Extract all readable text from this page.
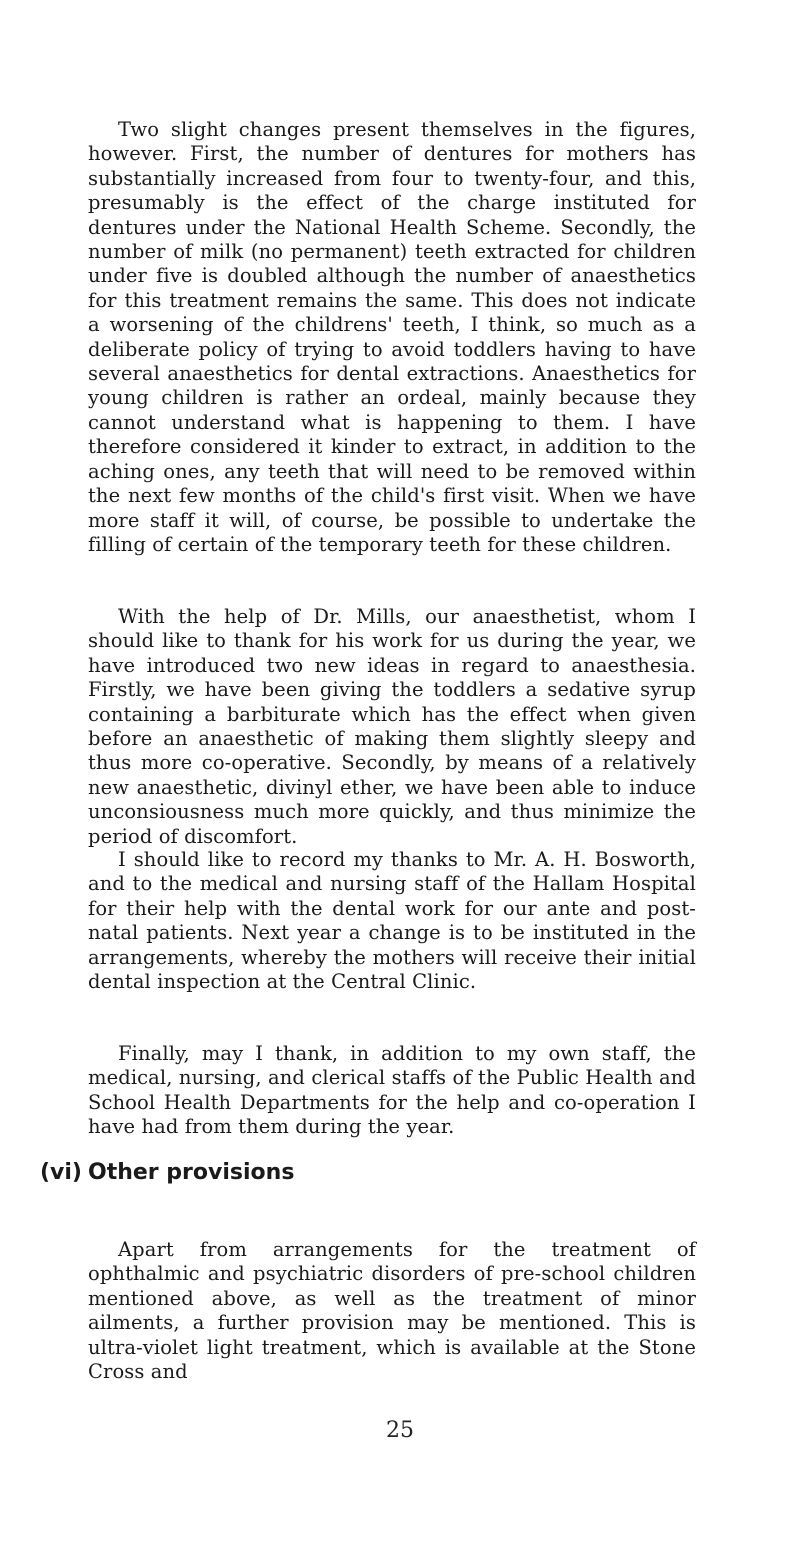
Two slight changes present themselves in the figures, however. First, the number of dentures for mothers has substantially increased from four to twenty-four, and this, presumably is the effect of the charge instituted for dentures under the National Health Scheme. Secondly, the number of milk (no permanent) teeth extracted for children under five is doubled although the number of anaesthetics for this treatment remains the same. This does not indicate a worsening of the childrens' teeth, I think, so much as a deliberate policy of trying to avoid toddlers having to have several anaesthetics for dental extractions. Anaesthetics for young children is rather an ordeal, mainly because they cannot understand what is happening to them. I have therefore considered it kinder to extract, in addition to the aching ones, any teeth that will need to be removed within the next few months of the child's first visit. When we have more staff it will, of course, be possible to undertake the filling of certain of the temporary teeth for these children.

With the help of Dr. Mills, our anaesthetist, whom I should like to thank for his work for us during the year, we have introduced two new ideas in regard to anaesthesia. Firstly, we have been giving the toddlers a sedative syrup containing a barbiturate which has the effect when given before an anaesthetic of making them slightly sleepy and thus more co-operative. Secondly, by means of a relatively new anaesthetic, divinyl ether, we have been able to induce unconsiousness much more quickly, and thus minimize the period of discomfort.

I should like to record my thanks to Mr. A. H. Bosworth, and to the medical and nursing staff of the Hallam Hospital for their help with the dental work for our ante and post-natal patients. Next year a change is to be instituted in the arrangements, whereby the mothers will receive their initial dental inspection at the Central Clinic.

Finally, may I thank, in addition to my own staff, the medical, nursing, and clerical staffs of the Public Health and School Health Departments for the help and co-operation I have had from them during the year.

(vi) Other provisions

Apart from arrangements for the treatment of ophthalmic and psychiatric disorders of pre-school children mentioned above, as well as the treatment of minor ailments, a further provision may be mentioned. This is ultra-violet light treatment, which is available at the Stone Cross and

25
